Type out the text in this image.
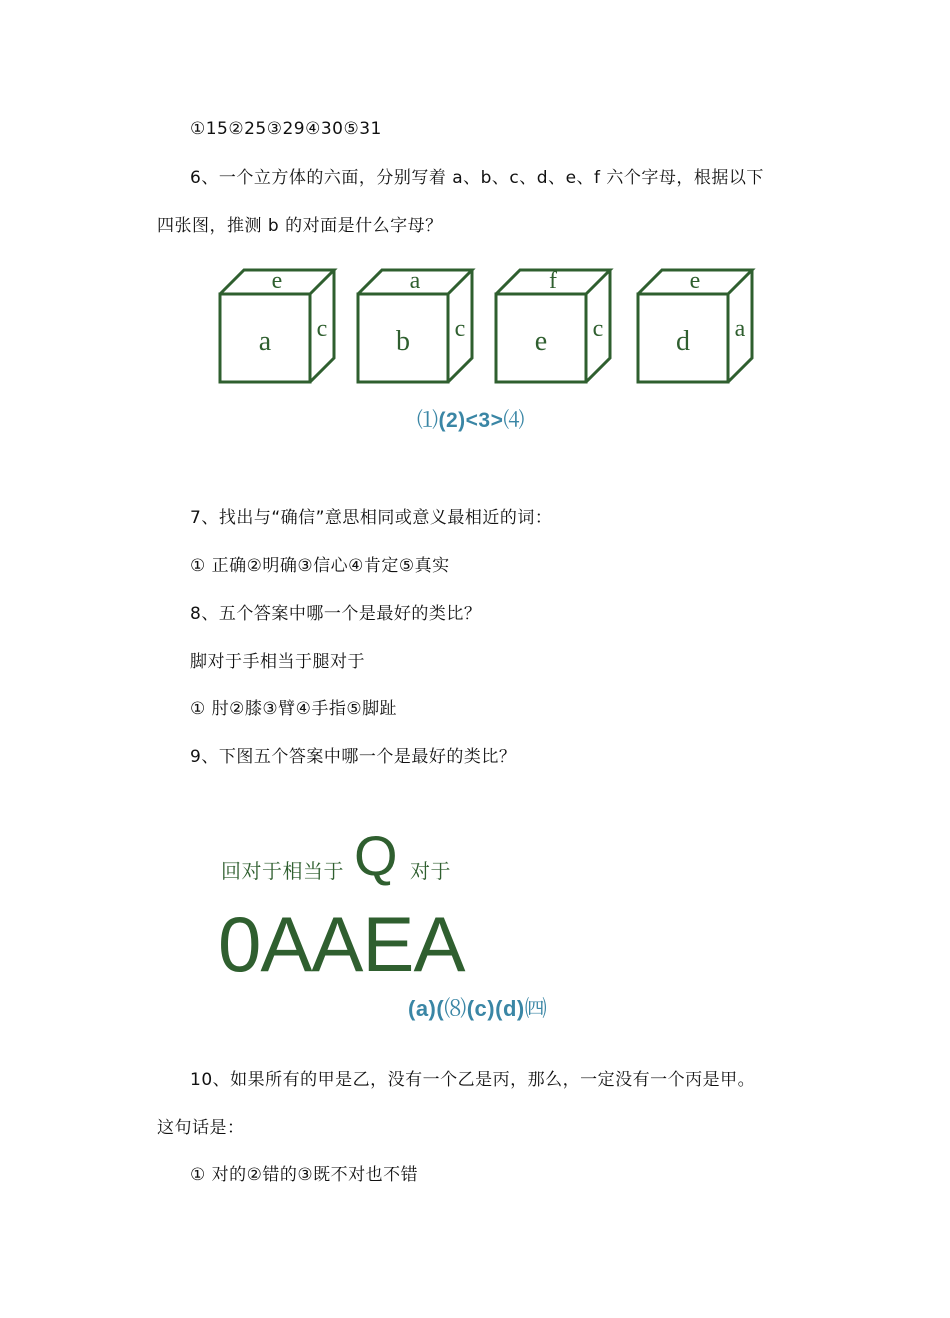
①15②25③29④30⑤31
6、一个立方体的六面，分别写着 a、b、c、d、e、f 六个字母，根据以下
四张图，推测 b 的对面是什么字母？
a
e
c b
a
c e
f
c	d
e
a
⑴(2)<3>⑷
7、找出与“确信”意思相同或意义最相近的词：
① 正确②明确③信心④肯定⑤真实
8、五个答案中哪一个是最好的类比？
脚对于手相当于腿对于
① 肘②膝③臂④手指⑤脚趾
9、下图五个答案中哪一个是最好的类比？
回对于相当于 Q 对于
0AAEA
(a)(⑻(c)(d)㈣
10、如果所有的甲是乙，没有一个乙是丙，那么，一定没有一个丙是甲。
这句话是：
① 对的②错的③既不对也不错
